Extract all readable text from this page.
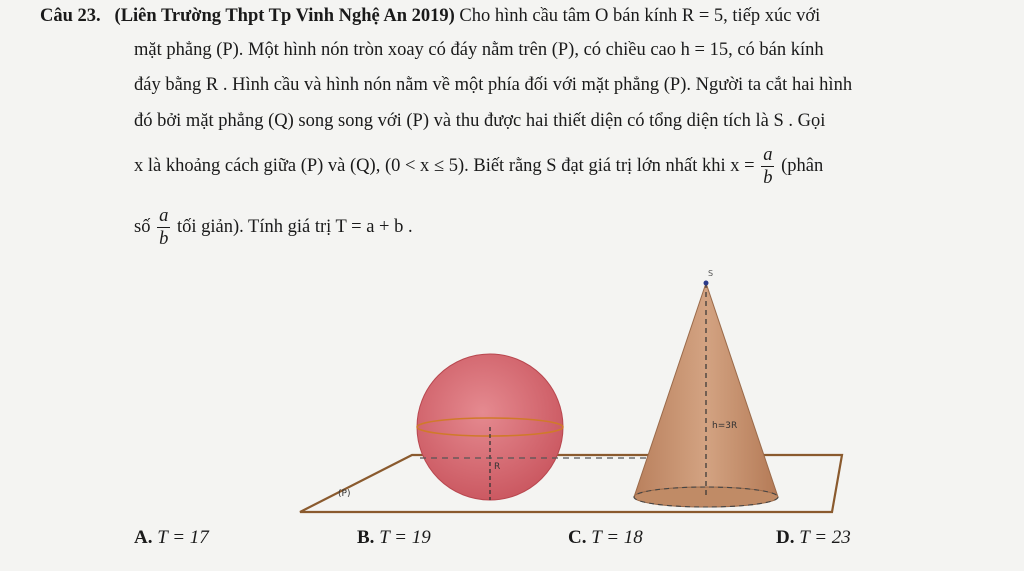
Câu 23. (Liên Trường Thpt Tp Vinh Nghệ An 2019) Cho hình cầu tâm O bán kính R = 5, tiếp xúc với
mặt phẳng (P). Một hình nón tròn xoay có đáy nằm trên (P), có chiều cao h = 15, có bán kính
đáy bằng R . Hình cầu và hình nón nằm về một phía đối với mặt phẳng (P). Người ta cắt hai hình
đó bởi mặt phẳng (Q) song song với (P) và thu được hai thiết diện có tổng diện tích là S . Gọi
x là khoảng cách giữa (P) và (Q), (0 < x ≤ 5). Biết rằng S đạt giá trị lớn nhất khi $x = \frac{a}{b}$ (phân
số $\frac{a}{b}$ tối giản). Tính giá trị T = a + b .
S
h=3R
R
(P)
A. T = 17	B. T = 19	C. T = 18	D. T = 23
